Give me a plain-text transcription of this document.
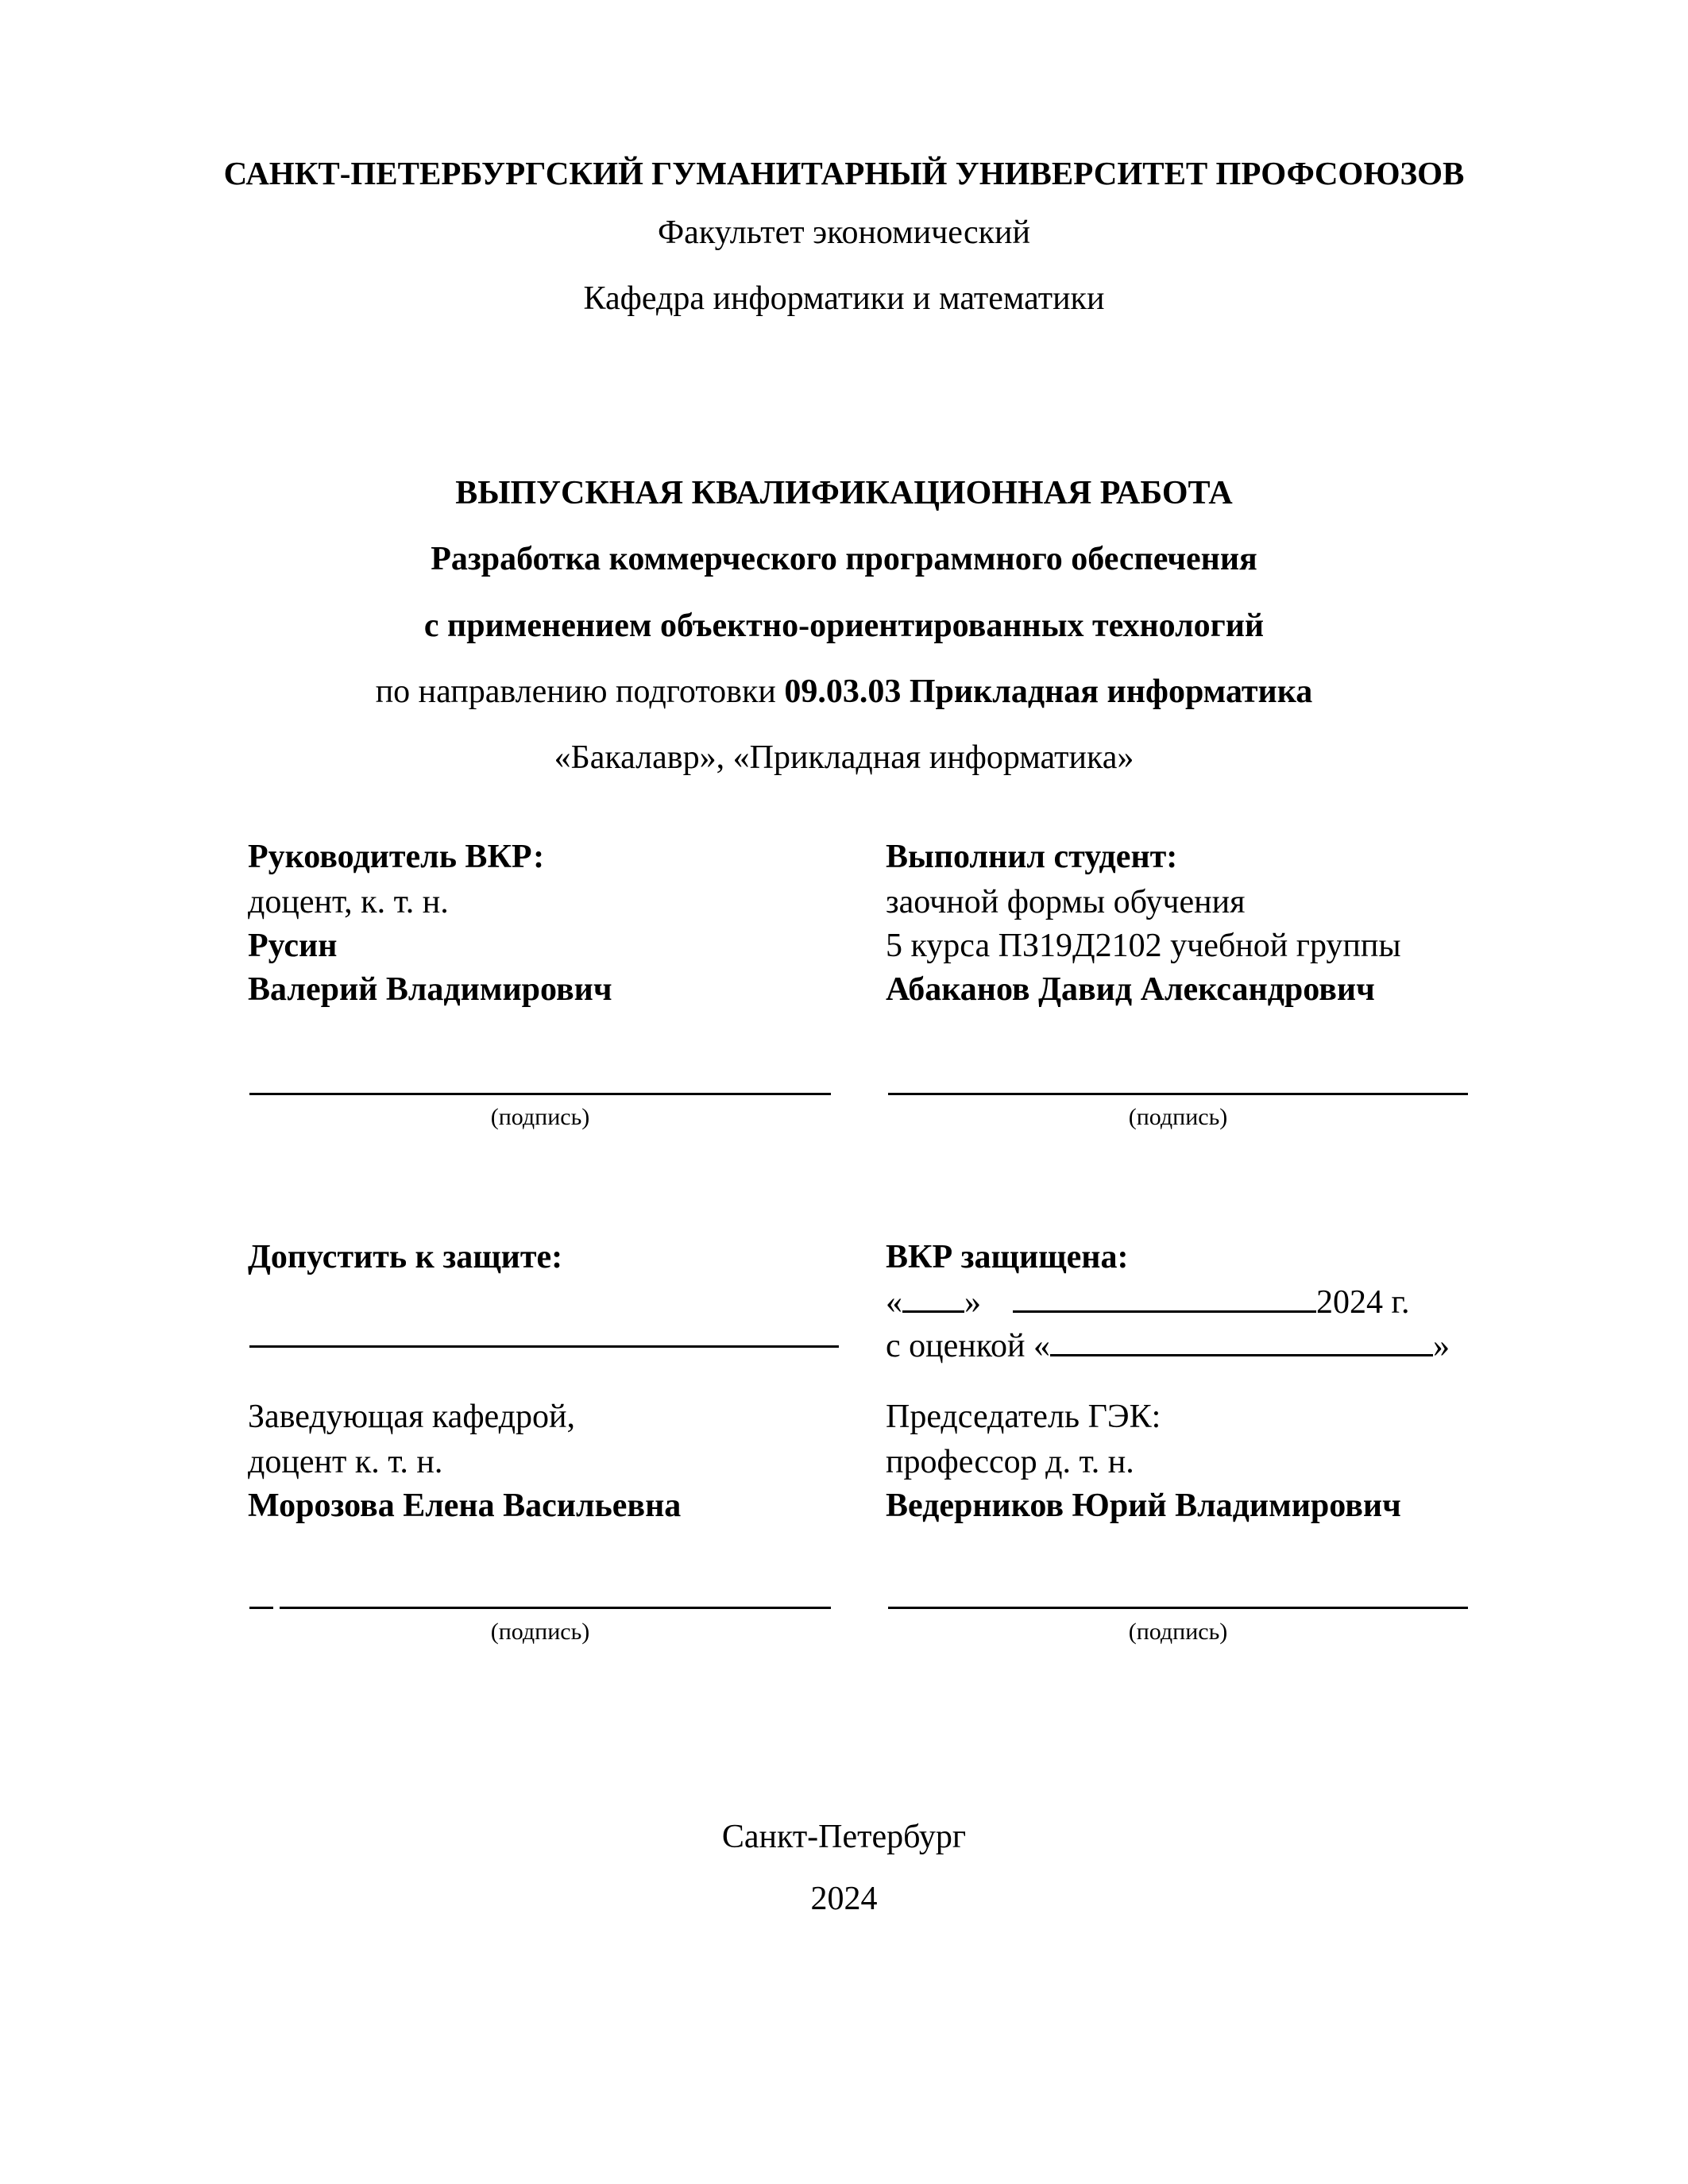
САНКТ-ПЕТЕРБУРГСКИЙ ГУМАНИТАРНЫЙ УНИВЕРСИТЕТ ПРОФСОЮЗОВ
Факультет экономический
Кафедра информатики и математики
ВЫПУСКНАЯ КВАЛИФИКАЦИОННАЯ РАБОТА
Разработка коммерческого программного обеспечения
с применением объектно-ориентированных технологий
по направлению подготовки 09.03.03 Прикладная информатика
«Бакалавр», «Прикладная информатика»
Руководитель ВКР:
доцент, к. т. н.
Русин
Валерий Владимирович
(подпись)
Выполнил студент:
заочной формы обучения
5 курса ПЗ19Д2102 учебной группы
Абаканов Давид Александрович
(подпись)
Допустить к защите:
Заведующая кафедрой,
доцент к. т. н.
Морозова Елена Васильевна
(подпись)
ВКР защищена:
« »	2024 г.
с оценкой «	»
Председатель ГЭК:
профессор д. т. н.
Ведерников Юрий Владимирович
(подпись)
Санкт-Петербург
2024
